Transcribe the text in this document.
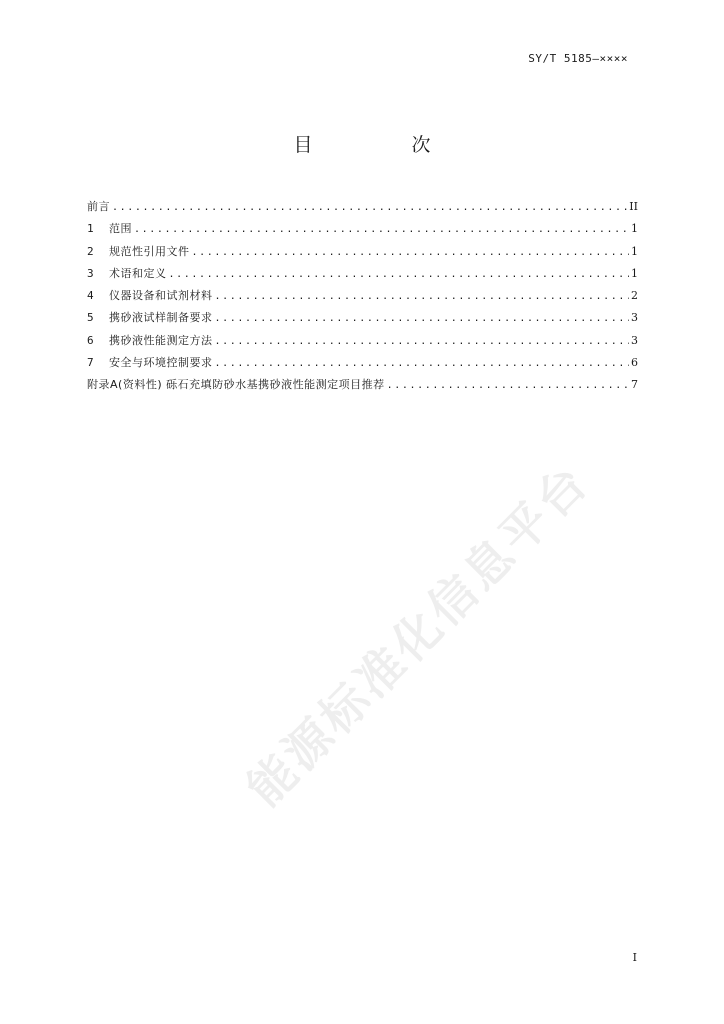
SY/T 5185—××××
目　次
前言 .....	II
1	范围 .....	1
2	规范性引用文件 .....	1
3	术语和定义 .....	1
4	仪器设备和试剂材料 .....	2
5	携砂液试样制备要求 .....	3
6	携砂液性能测定方法 .....	3
7	安全与环境控制要求 .....	6
附录A(资料性) 砾石充填防砂水基携砂液性能测定项目推荐 .....	7
能源标准化信息平台
I
